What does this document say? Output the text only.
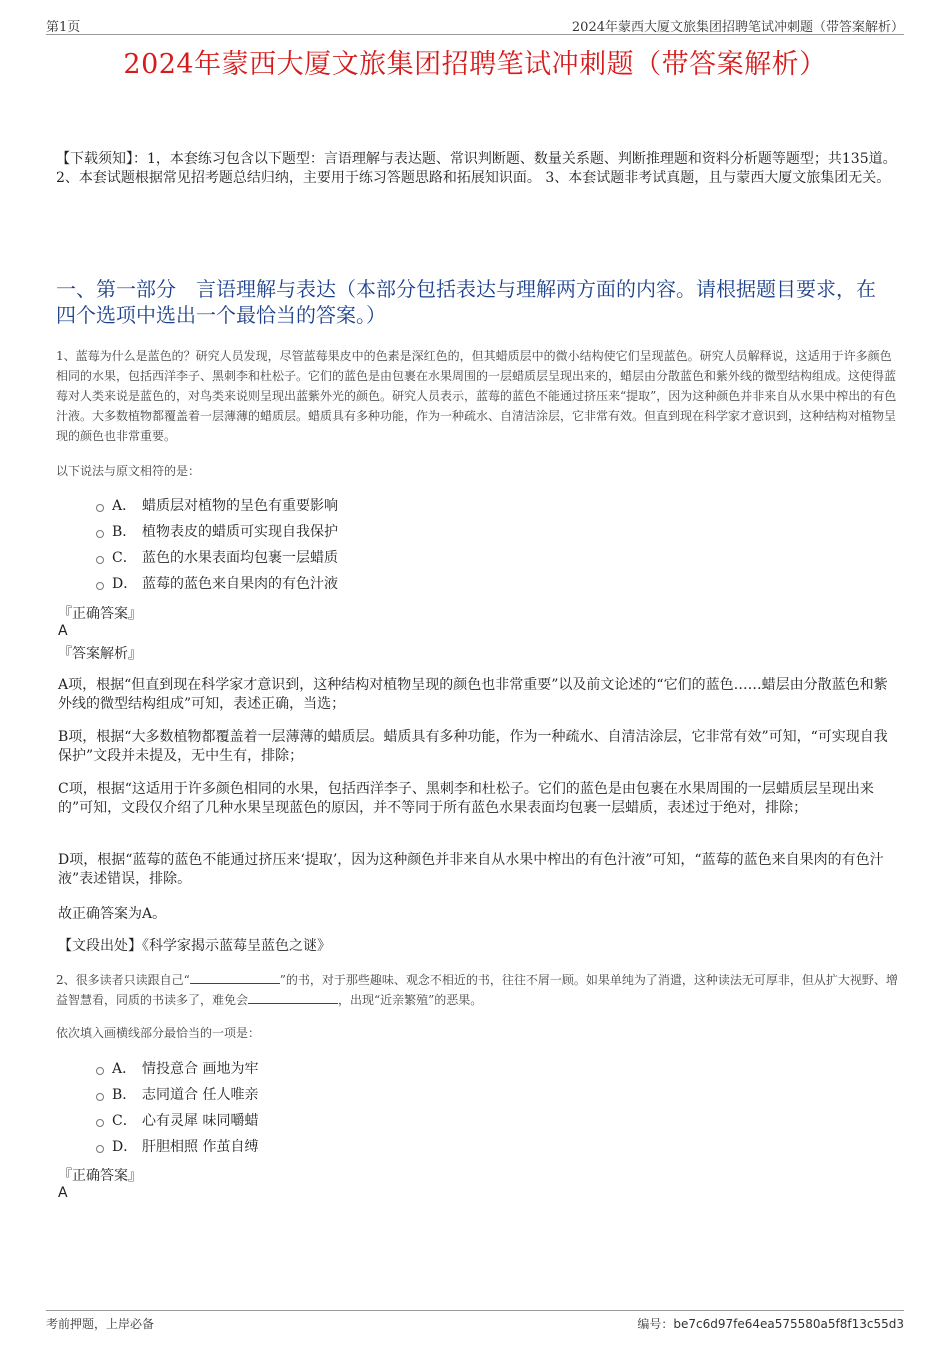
第1页	2024年蒙西大厦文旅集团招聘笔试冲刺题（带答案解析）
2024年蒙西大厦文旅集团招聘笔试冲刺题（带答案解析）
【下载须知】：1，本套练习包含以下题型：言语理解与表达题、常识判断题、数量关系题、判断推理题和资料分析题等题型；共135道。 2、本套试题根据常见招考题总结归纳，主要用于练习答题思路和拓展知识面。 3、本套试题非考试真题，且与蒙西大厦文旅集团无关。
一、第一部分　言语理解与表达（本部分包括表达与理解两方面的内容。请根据题目要求，在四个选项中选出一个最恰当的答案。）
1、蓝莓为什么是蓝色的？研究人员发现，尽管蓝莓果皮中的色素是深红色的，但其蜡质层中的微小结构使它们呈现蓝色。研究人员解释说，这适用于许多颜色相同的水果，包括西洋李子、黑刺李和杜松子。它们的蓝色是由包裹在水果周围的一层蜡质层呈现出来的，蜡层由分散蓝色和紫外线的微型结构组成。这使得蓝莓对人类来说是蓝色的，对鸟类来说则呈现出蓝紫外光的颜色。研究人员表示，蓝莓的蓝色不能通过挤压来“提取”，因为这种颜色并非来自从水果中榨出的有色汁液。大多数植物都覆盖着一层薄薄的蜡质层。蜡质具有多种功能，作为一种疏水、自清洁涂层，它非常有效。但直到现在科学家才意识到，这种结构对植物呈现的颜色也非常重要。
以下说法与原文相符的是：
A． 蜡质层对植物的呈色有重要影响
B． 植物表皮的蜡质可实现自我保护
C． 蓝色的水果表面均包裹一层蜡质
D． 蓝莓的蓝色来自果肉的有色汁液
『正确答案』
A
『答案解析』
A项，根据“但直到现在科学家才意识到，这种结构对植物呈现的颜色也非常重要”以及前文论述的“它们的蓝色……蜡层由分散蓝色和紫外线的微型结构组成”可知，表述正确，当选；
B项，根据“大多数植物都覆盖着一层薄薄的蜡质层。蜡质具有多种功能，作为一种疏水、自清洁涂层，它非常有效”可知，“可实现自我保护”文段并未提及，无中生有，排除；
C项，根据“这适用于许多颜色相同的水果，包括西洋李子、黑刺李和杜松子。它们的蓝色是由包裹在水果周围的一层蜡质层呈现出来的”可知，文段仅介绍了几种水果呈现蓝色的原因，并不等同于所有蓝色水果表面均包裹一层蜡质，表述过于绝对，排除；
D项，根据“蓝莓的蓝色不能通过挤压来‘提取’，因为这种颜色并非来自从水果中榨出的有色汁液”可知，“蓝莓的蓝色来自果肉的有色汁液”表述错误，排除。
故正确答案为A。
【文段出处】《科学家揭示蓝莓呈蓝色之谜》
2、很多读者只读跟自己“	”的书，对于那些趣味、观念不相近的书，往往不屑一顾。如果单纯为了消遣，这种读法无可厚非，但从扩大视野、增益智慧看，同质的书读多了，难免会	，出现“近亲繁殖”的恶果。
依次填入画横线部分最恰当的一项是：
A． 情投意合 画地为牢
B． 志同道合 任人唯亲
C． 心有灵犀 味同嚼蜡
D． 肝胆相照 作茧自缚
『正确答案』
A
考前押题，上岸必备	编号：be7c6d97fe64ea575580a5f8f13c55d3
